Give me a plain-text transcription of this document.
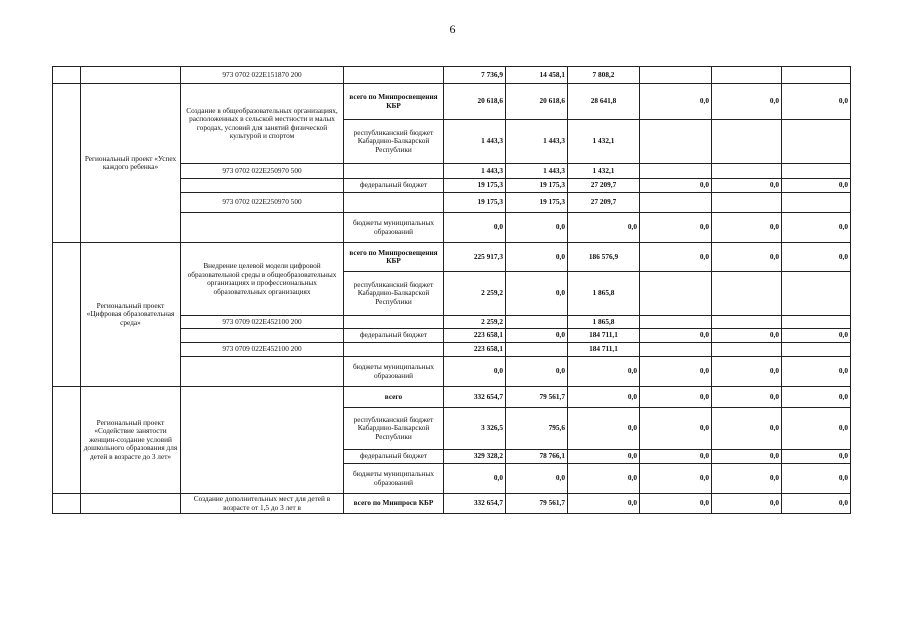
6
		973 0702 022Е151870 200		7 736,9	14 458,1	7 808,2			
	Региональный проект «Успех каждого ребенка»	Создание в общеобразовательных организациях, расположенных в сельской местности и малых городах, условий для занятий физической культурой и спортом	всего по Минпросвещения КБР	20 618,6	20 618,6	28 641,8	0,0	0,0	0,0
			республиканский бюджет Кабардино-Балкарской Республики	1 443,3	1 443,3	1 432,1			
		973 0702 022Е250970 500		1 443,3	1 443,3	1 432,1			
			федеральный бюджет	19 175,3	19 175,3	27 209,7	0,0	0,0	0,0
		973 0702 022Е250970 500		19 175,3	19 175,3	27 209,7			
			бюджеты муниципальных образований	0,0	0,0	0,0	0,0	0,0	0,0
	Региональный проект «Цифровая образовательная среда»	Внедрение целевой модели цифровой образовательной среды в общеобразовательных организациях и профессиональных образовательных организациях	всего по Минпросвещения КБР	225 917,3	0,0	186 576,9	0,0	0,0	0,0
			республиканский бюджет Кабардино-Балкарской Республики	2 259,2	0,0	1 865,8			
		973 0709 022Е452100 200		2 259,2		1 865,8			
			федеральный бюджет	223 658,1	0,0	184 711,1	0,0	0,0	0,0
		973 0709 022Е452100 200		223 658,1		184 711,1			
			бюджеты муниципальных образований	0,0	0,0	0,0	0,0	0,0	0,0
	Региональный проект «Содействие занятости женщин-создание условий дошкольного образования для детей в возрасте до 3 лет»		всего	332 654,7	79 561,7	0,0	0,0	0,0	0,0
			республиканский бюджет Кабардино-Балкарской Республики	3 326,5	795,6	0,0	0,0	0,0	0,0
			федеральный бюджет	329 328,2	78 766,1	0,0	0,0	0,0	0,0
			бюджеты муниципальных образований	0,0	0,0	0,0	0,0	0,0	0,0
		Создание дополнительных мест для детей в возрасте от 1,5 до 3 лет в	всего по Минпросв КБР	332 654,7	79 561,7	0,0	0,0	0,0	0,0
